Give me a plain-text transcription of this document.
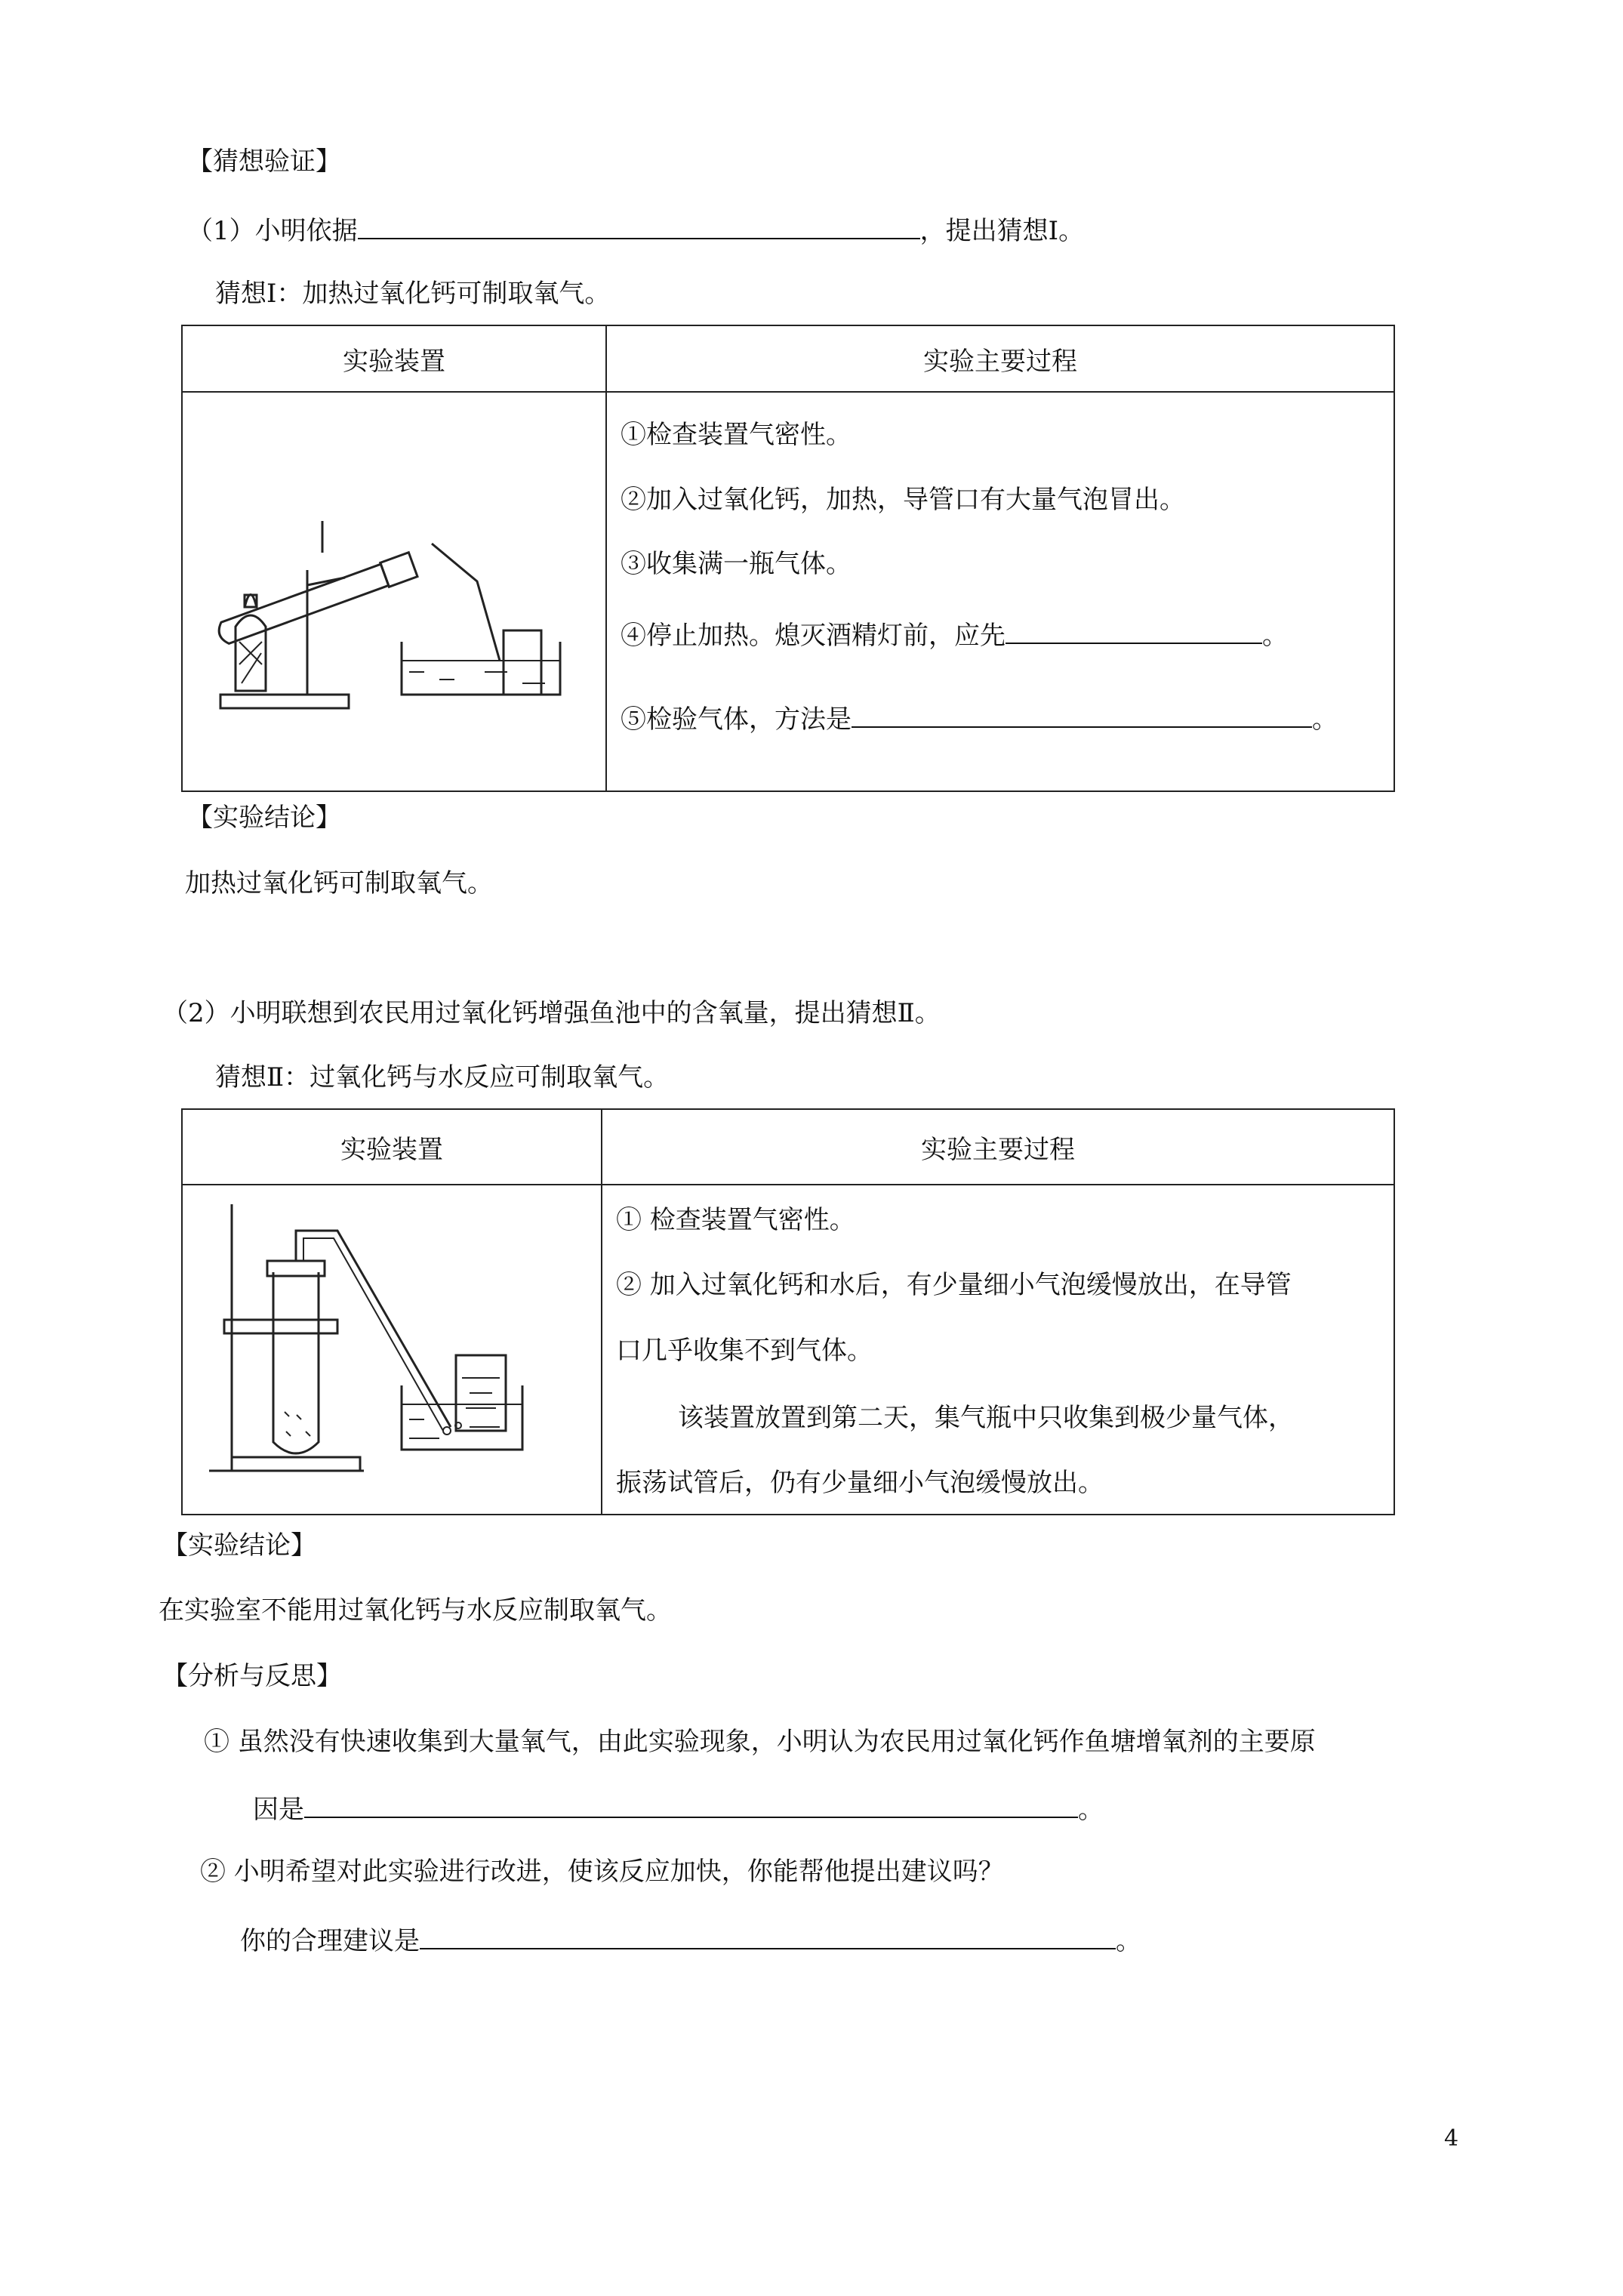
【猜想验证】
（1）小明依据	，提出猜想Ⅰ。
猜想Ⅰ：加热过氧化钙可制取氧气。
实验装置	实验主要过程

①检查装置气密性。
②加入过氧化钙，加热，导管口有大量气泡冒出。
③收集满一瓶气体。
④停止加热。熄灭酒精灯前，应先 。
⑤检验气体，方法是 。
【实验结论】
加热过氧化钙可制取氧气。
（2）小明联想到农民用过氧化钙增强鱼池中的含氧量，提出猜想Ⅱ。
猜想Ⅱ：过氧化钙与水反应可制取氧气。
实验装置	实验主要过程

① 检查装置气密性。
② 加入过氧化钙和水后，有少量细小气泡缓慢放出，在导管
口几乎收集不到气体。
该装置放置到第二天，集气瓶中只收集到极少量气体，
振荡试管后，仍有少量细小气泡缓慢放出。
【实验结论】
在实验室不能用过氧化钙与水反应制取氧气。
【分析与反思】
① 虽然没有快速收集到大量氧气，由此实验现象，小明认为农民用过氧化钙作鱼塘增氧剂的主要原
因是	。
② 小明希望对此实验进行改进，使该反应加快，你能帮他提出建议吗？
你的合理建议是	。
4
